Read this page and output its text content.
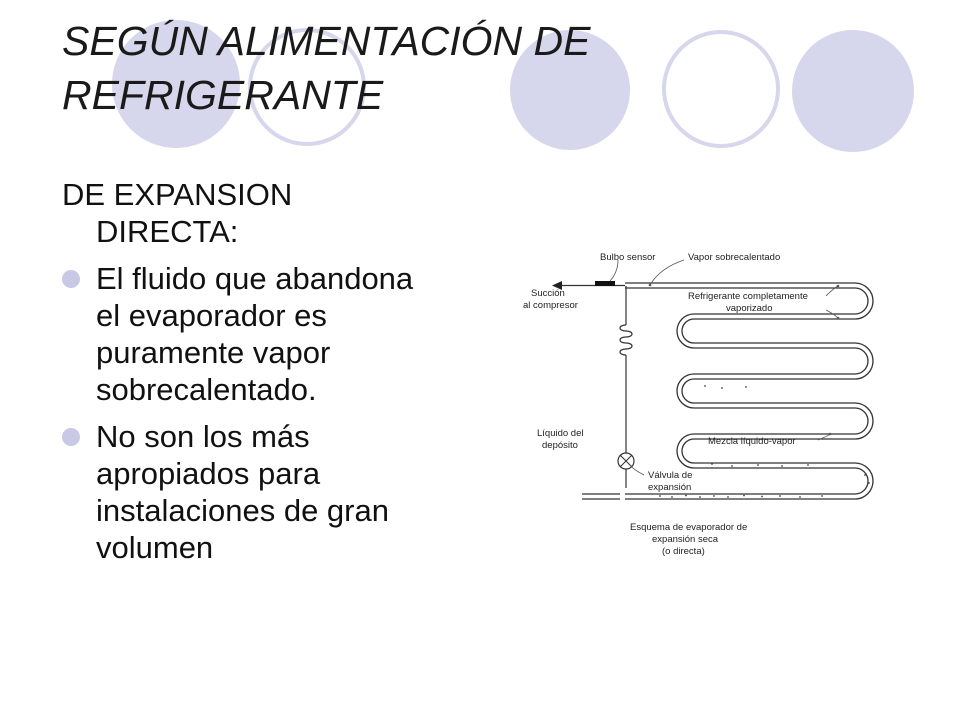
SEGÚN ALIMENTACIÓN DE
REFRIGERANTE
DE EXPANSION
DIRECTA:
El fluido que abandona
el evaporador es
puramente vapor
sobrecalentado.
No son los más
apropiados para
instalaciones de gran
volumen
Bulbo sensor	Vapor sobrecalentado
Succión
al compresor
Refrigerante completamente
vaporizado
Líquido del
depósito	Mezcla líquido-vapor
Válvula de
expansión
Esquema de evaporador de
expansión seca
(o directa)
